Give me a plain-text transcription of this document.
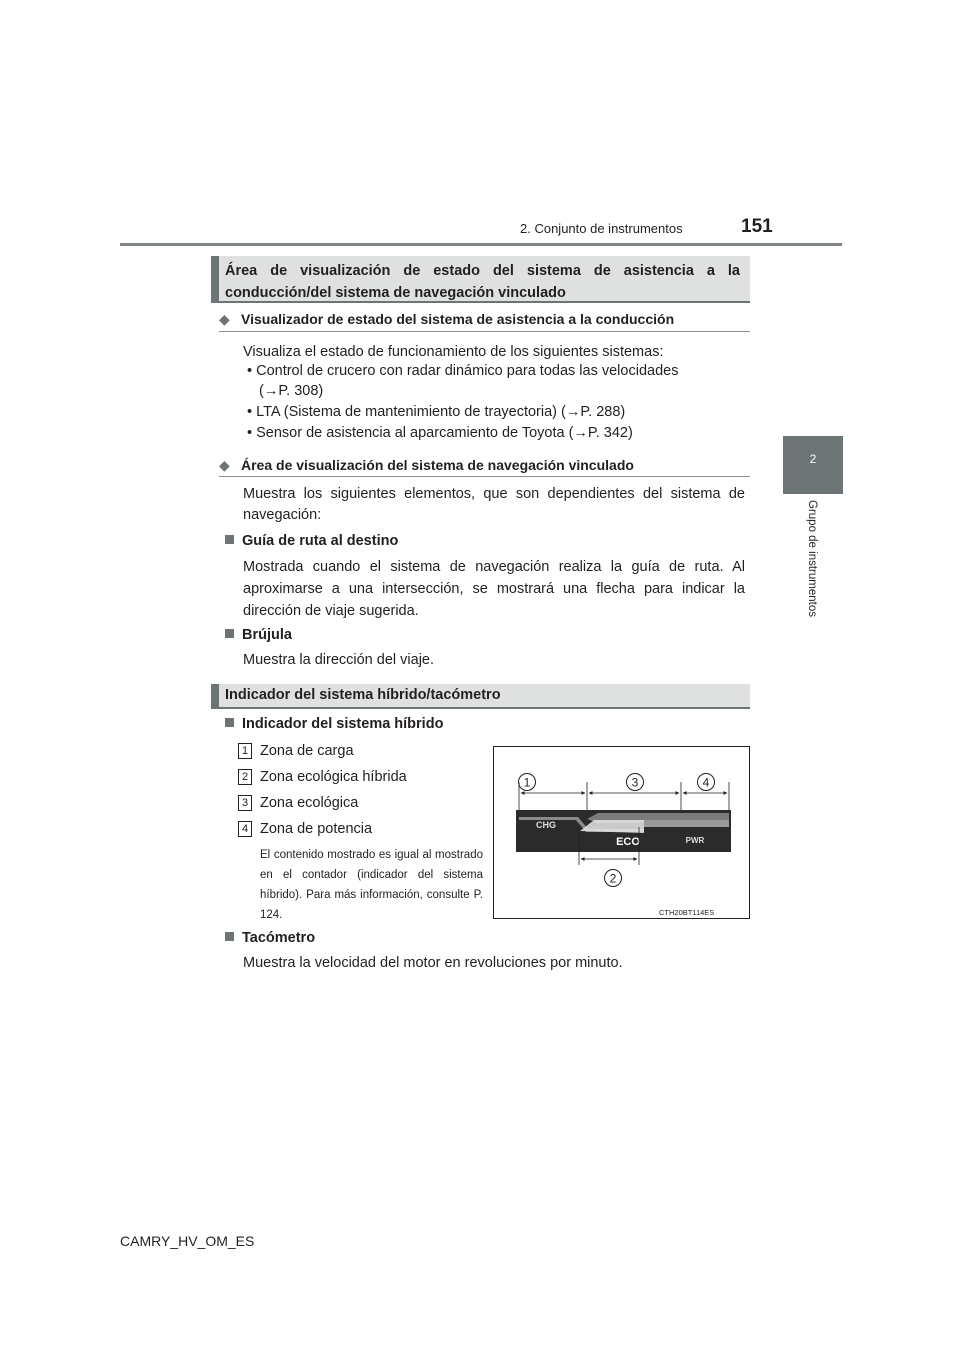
2. Conjunto de instrumentos	151
2
Grupo de instrumentos
Área de visualización de estado del sistema de asistencia a la conducción/del sistema de navegación vinculado
◆ Visualizador de estado del sistema de asistencia a la conducción
Visualiza el estado de funcionamiento de los siguientes sistemas:
• Control de crucero con radar dinámico para todas las velocidades
(→P. 308)
• LTA (Sistema de mantenimiento de trayectoria) (→P. 288)
• Sensor de asistencia al aparcamiento de Toyota (→P. 342)
◆ Área de visualización del sistema de navegación vinculado
Muestra los siguientes elementos, que son dependientes del sistema de navegación:
Guía de ruta al destino
Mostrada cuando el sistema de navegación realiza la guía de ruta. Al aproximarse a una intersección, se mostrará una flecha para indicar la dirección de viaje sugerida.
Brújula
Muestra la dirección del viaje.
Indicador del sistema híbrido/tacómetro
Indicador del sistema híbrido
1 Zona de carga
2 Zona ecológica híbrida
3 Zona ecológica
4 Zona de potencia
El contenido mostrado es igual al mostrado en el contador (indicador del sistema híbrido). Para más información, consulte P. 124.
1	3	4
CHG
ECO	PWR
2
CTH20BT114ES
Tacómetro
Muestra la velocidad del motor en revoluciones por minuto.
CAMRY_HV_OM_ES
